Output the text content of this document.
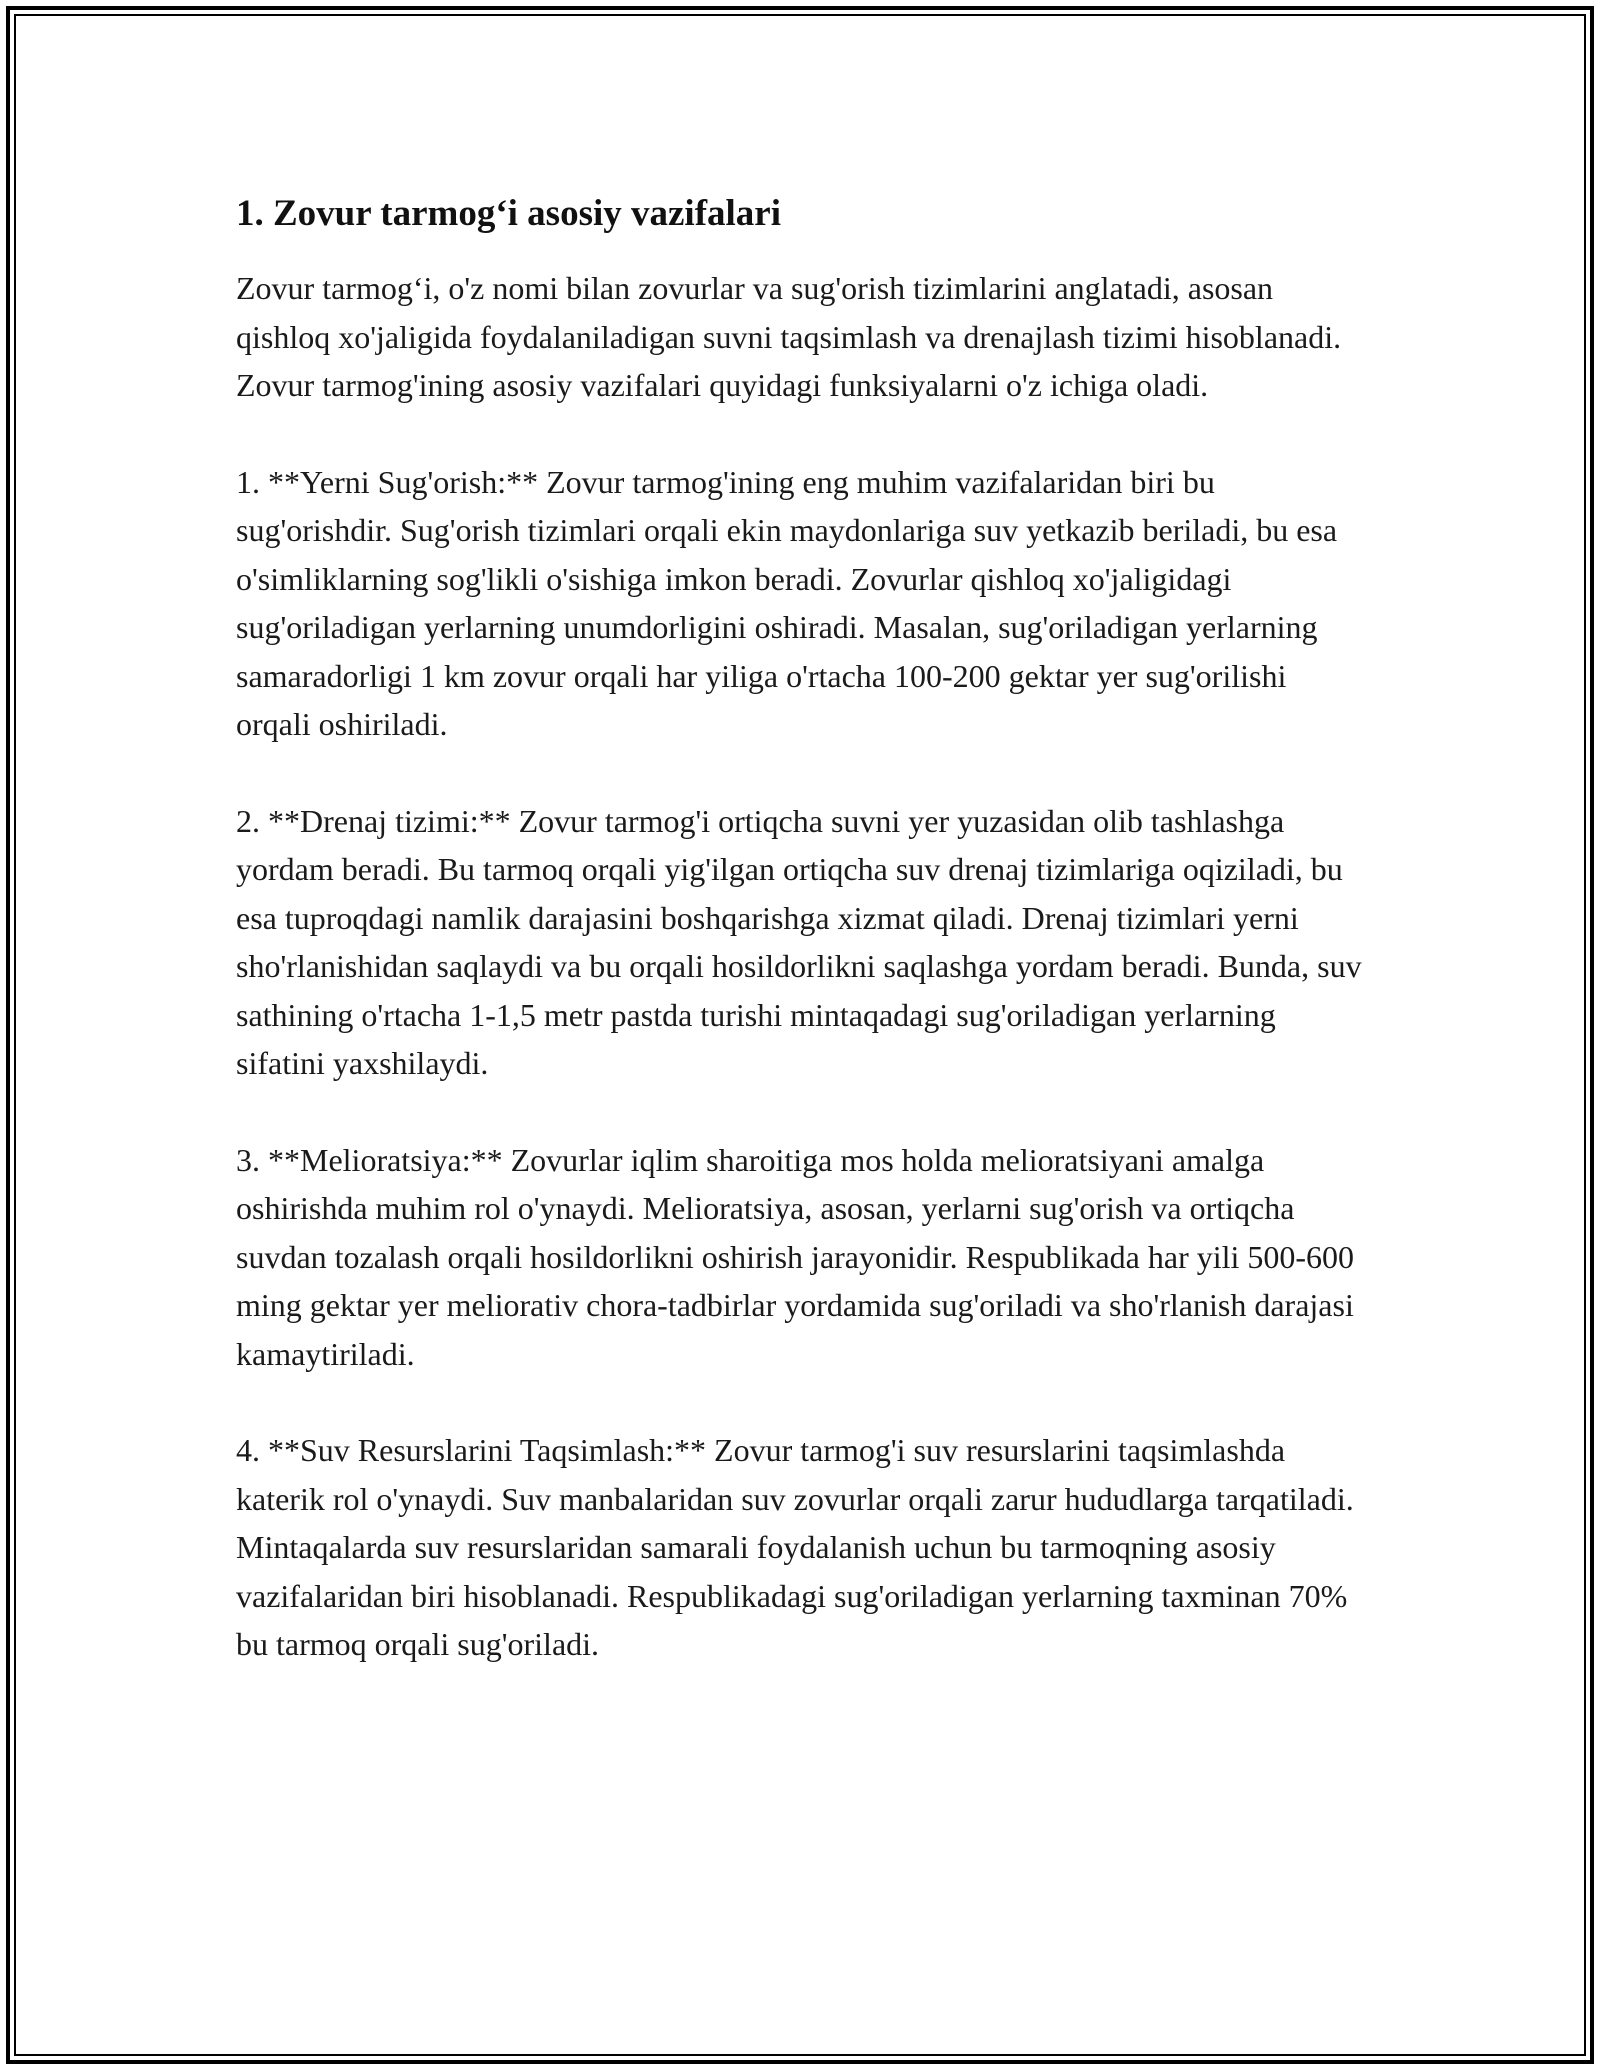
1. Zovur tarmog‘i asosiy vazifalari

Zovur tarmog‘i, o'z nomi bilan zovurlar va sug'orish tizimlarini anglatadi, asosan qishloq xo'jaligida foydalaniladigan suvni taqsimlash va drenajlash tizimi hisoblanadi. Zovur tarmog'ining asosiy vazifalari quyidagi funksiyalarni o'z ichiga oladi.

1. **Yerni Sug'orish:** Zovur tarmog'ining eng muhim vazifalaridan biri bu sug'orishdir. Sug'orish tizimlari orqali ekin maydonlariga suv yetkazib beriladi, bu esa o'simliklarning sog'likli o'sishiga imkon beradi. Zovurlar qishloq xo'jaligidagi sug'oriladigan yerlarning unumdorligini oshiradi. Masalan, sug'oriladigan yerlarning samaradorligi 1 km zovur orqali har yiliga o'rtacha 100-200 gektar yer sug'orilishi orqali oshiriladi.

2. **Drenaj tizimi:** Zovur tarmog'i ortiqcha suvni yer yuzasidan olib tashlashga yordam beradi. Bu tarmoq orqali yig'ilgan ortiqcha suv drenaj tizimlariga oqiziladi, bu esa tuproqdagi namlik darajasini boshqarishga xizmat qiladi. Drenaj tizimlari yerni sho'rlanishidan saqlaydi va bu orqali hosildorlikni saqlashga yordam beradi. Bunda, suv sathining o'rtacha 1-1,5 metr pastda turishi mintaqadagi sug'oriladigan yerlarning sifatini yaxshilaydi.

3. **Melioratsiya:** Zovurlar iqlim sharoitiga mos holda melioratsiyani amalga oshirishda muhim rol o'ynaydi. Melioratsiya, asosan, yerlarni sug'orish va ortiqcha suvdan tozalash orqali hosildorlikni oshirish jarayonidir. Respublikada har yili 500-600 ming gektar yer meliorativ chora-tadbirlar yordamida sug'oriladi va sho'rlanish darajasi kamaytiriladi.

4. **Suv Resurslarini Taqsimlash:** Zovur tarmog'i suv resurslarini taqsimlashda katerik rol o'ynaydi. Suv manbalaridan suv zovurlar orqali zarur hududlarga tarqatiladi. Mintaqalarda suv resurslaridan samarali foydalanish uchun bu tarmoqning asosiy vazifalaridan biri hisoblanadi. Respublikadagi sug'oriladigan yerlarning taxminan 70% bu tarmoq orqali sug'oriladi.
